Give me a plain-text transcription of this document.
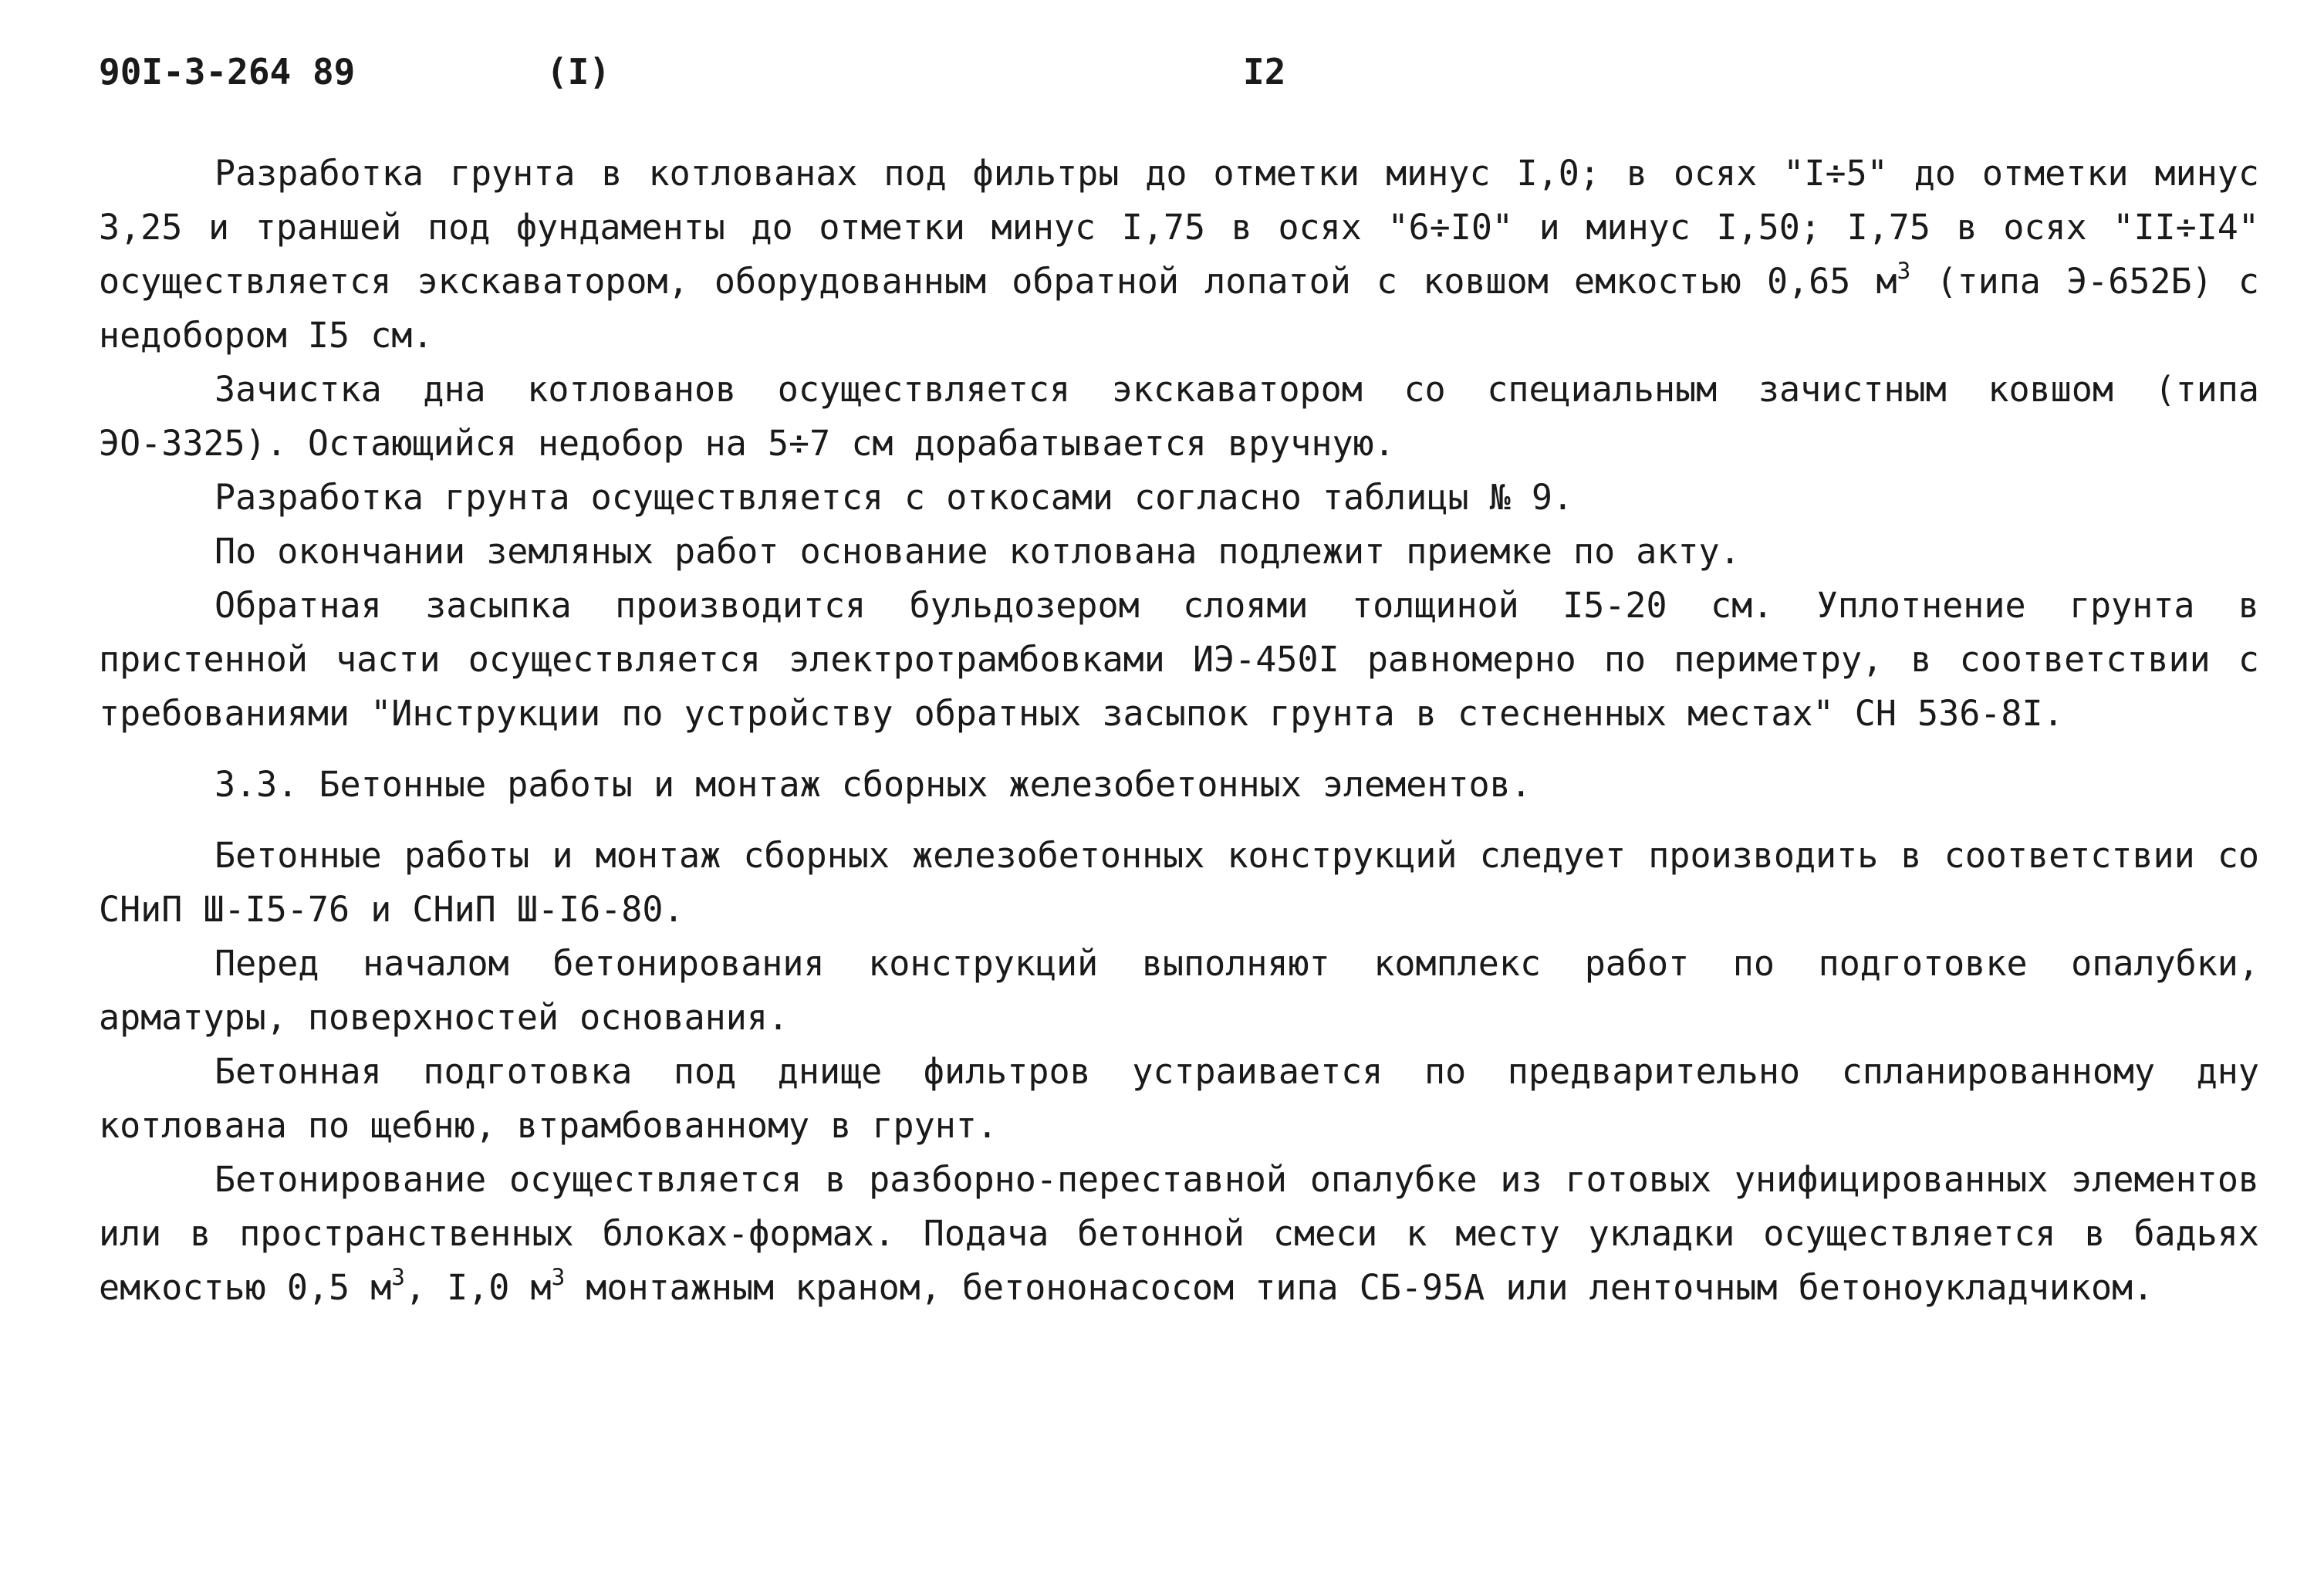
90I-3-264 89	(I)	I2

Разработка грунта в котлованах под фильтры до отметки минус I,0; в осях "I÷5" до отметки минус 3,25 и траншей под фундаменты до отметки минус I,75 в осях "6÷I0" и минус I,50; I,75 в осях "II÷I4" осуществляется экскаватором, оборудованным обратной лопатой с ковшом емкостью 0,65 $м^3$ (типа Э-652Б) с недобором I5 см.

Зачистка дна котлованов осуществляется экскаватором со специальным зачистным ковшом (типа ЭО-3325). Остающийся недобор на 5÷7 см дорабатывается вручную.

Разработка грунта осуществляется с откосами согласно таблицы № 9.

По окончании земляных работ основание котлована подлежит приемке по акту.

Обратная засыпка производится бульдозером слоями толщиной I5-20 см. Уплотнение грунта в пристенной части осуществляется электротрамбовками ИЭ-450I равномерно по периметру, в соответствии с требованиями "Инструкции по устройству обратных засыпок грунта в стесненных местах" СН 536-8I.

3.3. Бетонные работы и монтаж сборных железобетонных элементов.

Бетонные работы и монтаж сборных железобетонных конструкций следует производить в соответствии со СНиП Ш-I5-76 и СНиП Ш-I6-80.

Перед началом бетонирования конструкций выполняют комплекс работ по подготовке опалубки, арматуры, поверхностей основания.

Бетонная подготовка под днище фильтров устраивается по предварительно спланированному дну котлована по щебню, втрамбованному в грунт.

Бетонирование осуществляется в разборно-переставной опалубке из готовых унифицированных элементов или в пространственных блоках-формах. Подача бетонной смеси к месту укладки осуществляется в бадьях емкостью 0,5 $м^3$, I,0 $м^3$ монтажным краном, бетононасосом типа СБ-95А или ленточным бетоноукладчиком.
